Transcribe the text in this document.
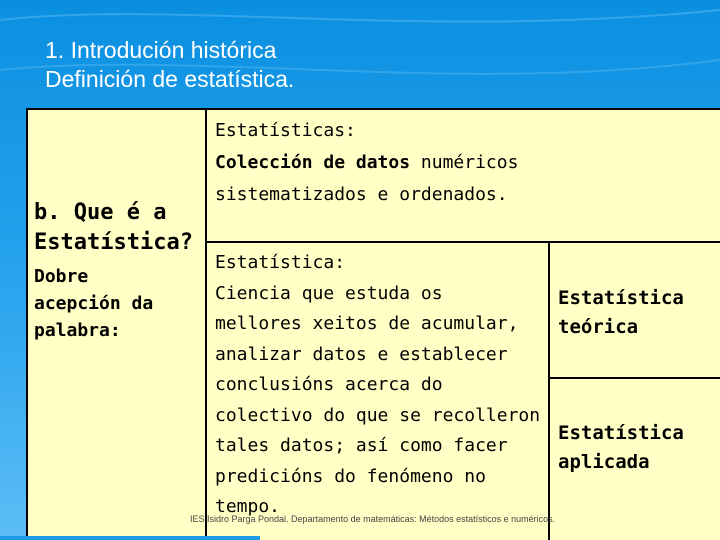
1. Introdución histórica
Definición de estatística.
b. Que é a
Estatística?
Dobre
acepción da
palabra:
Estatísticas:
Colección de datos numéricos
sistematizados e ordenados.
Estatística:
Ciencia que estuda os
mellores xeitos de acumular,
analizar datos e establecer
conclusións acerca do
colectivo do que se recolleron
tales datos; así como facer
predicións do fenómeno no
tempo.
Estatística
teórica
Estatística
aplicada
IES Isidro Parga Pondal. Departamento de matemáticas: Métodos estatísticos e numéricos.
